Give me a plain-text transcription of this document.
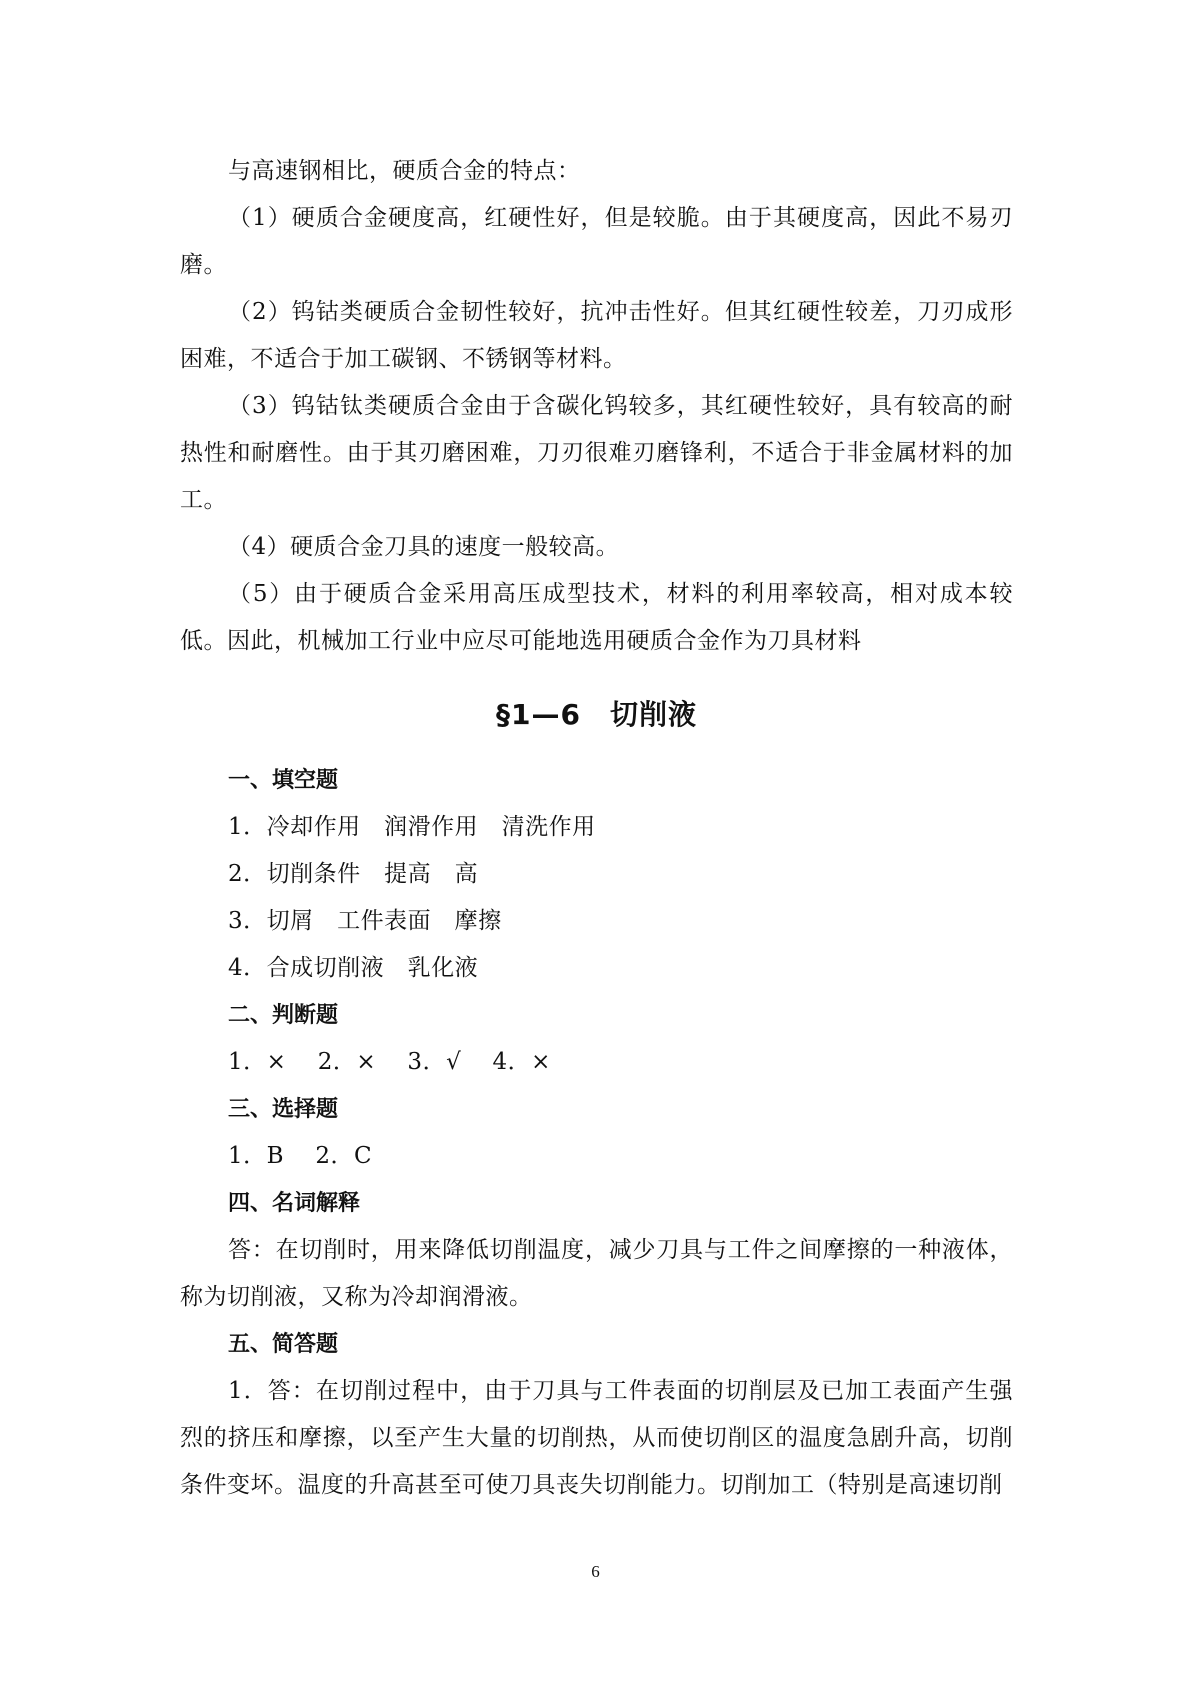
与高速钢相比，硬质合金的特点：

（1）硬质合金硬度高，红硬性好，但是较脆。由于其硬度高，因此不易刃磨。

（2）钨钴类硬质合金韧性较好，抗冲击性好。但其红硬性较差，刀刃成形困难，不适合于加工碳钢、不锈钢等材料。

（3）钨钴钛类硬质合金由于含碳化钨较多，其红硬性较好，具有较高的耐热性和耐磨性。由于其刃磨困难，刀刃很难刃磨锋利，不适合于非金属材料的加工。

（4）硬质合金刀具的速度一般较高。

（5）由于硬质合金采用高压成型技术，材料的利用率较高，相对成本较低。因此，机械加工行业中应尽可能地选用硬质合金作为刀具材料

§1—6　切削液

一、填空题

1．冷却作用　润滑作用　清洗作用

2．切削条件　提高　高

3．切屑　工件表面　摩擦

4．合成切削液　乳化液

二、判断题

1．×　 2．×　 3．√　 4．×

三、选择题

1．B　 2．C

四、名词解释

答：在切削时，用来降低切削温度，减少刀具与工件之间摩擦的一种液体，称为切削液，又称为冷却润滑液。

五、简答题

1．答：在切削过程中，由于刀具与工件表面的切削层及已加工表面产生强烈的挤压和摩擦，以至产生大量的切削热，从而使切削区的温度急剧升高，切削条件变坏。温度的升高甚至可使刀具丧失切削能力。切削加工（特别是高速切削

6
